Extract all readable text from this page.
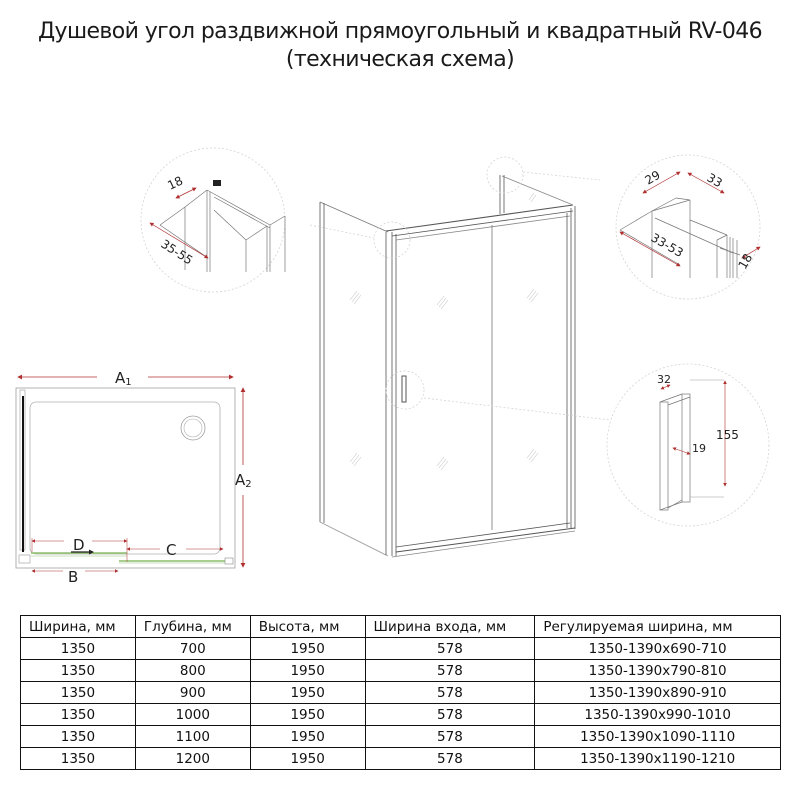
Душевой угол раздвижной прямоугольный и квадратный RV-046
(техническая схема)
A1
A2
D	C
B
18
35-55
29	33
33-53
18
32
19
155
Ширина, мм	Глубина, мм	Высота, мм	Ширина входа, мм	Регулируемая ширина, мм
1350	700	1950	578	1350-1390x690-710
1350	800	1950	578	1350-1390x790-810
1350	900	1950	578	1350-1390x890-910
1350	1000	1950	578	1350-1390x990-1010
1350	1100	1950	578	1350-1390x1090-1110
1350	1200	1950	578	1350-1390x1190-1210
